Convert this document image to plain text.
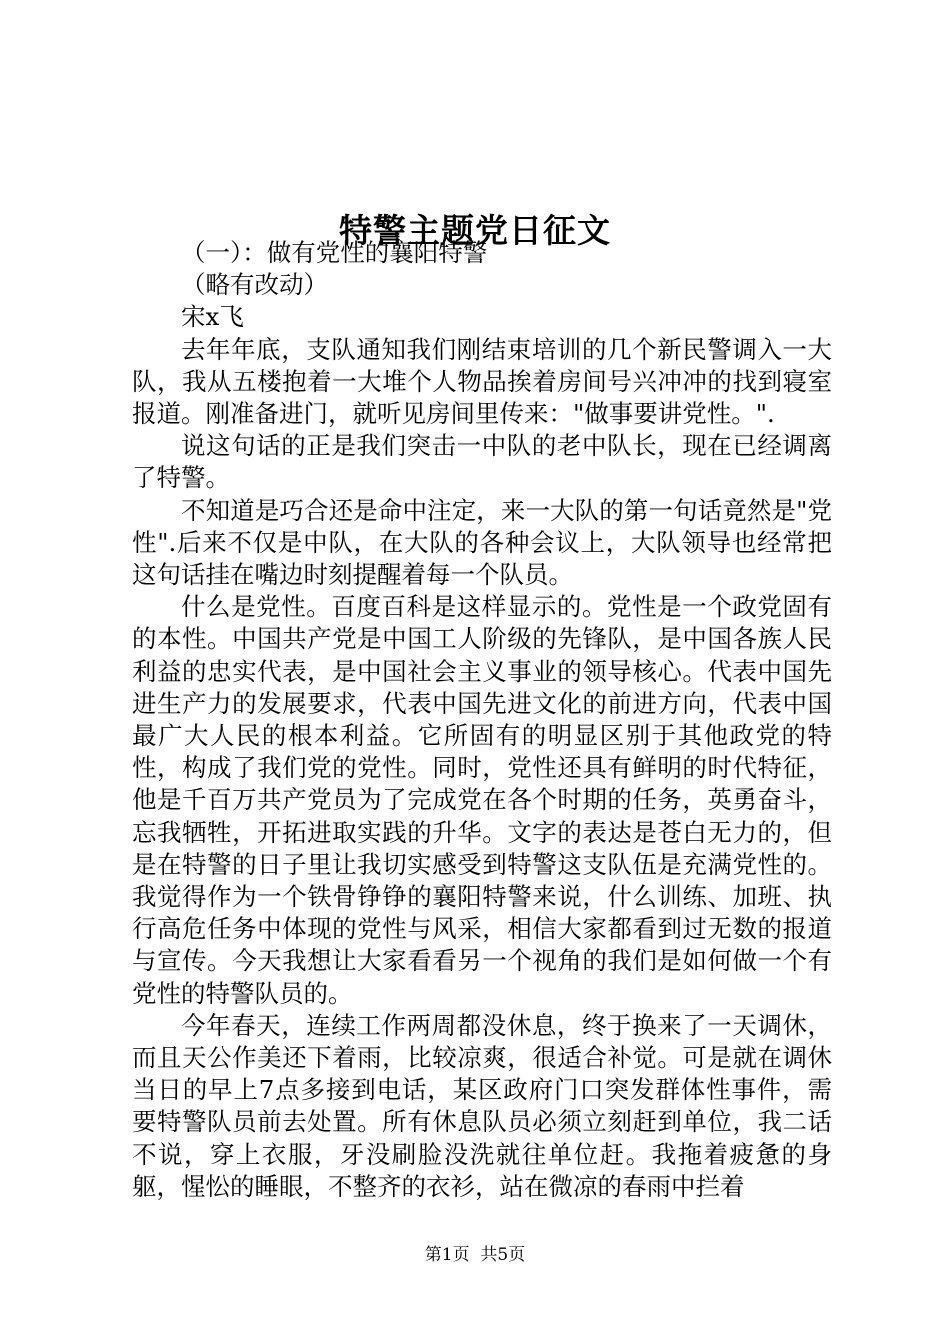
特警主题党日征文

（一）：做有党性的襄阳特警

（略有改动）

宋x飞

去年年底，支队通知我们刚结束培训的几个新民警调入一大队，我从五楼抱着一大堆个人物品挨着房间号兴冲冲的找到寝室报道。刚准备进门，就听见房间里传来："做事要讲党性。".

说这句话的正是我们突击一中队的老中队长，现在已经调离了特警。

不知道是巧合还是命中注定，来一大队的第一句话竟然是"党性".后来不仅是中队，在大队的各种会议上，大队领导也经常把这句话挂在嘴边时刻提醒着每一个队员。

什么是党性。百度百科是这样显示的。党性是一个政党固有的本性。中国共产党是中国工人阶级的先锋队，是中国各族人民利益的忠实代表，是中国社会主义事业的领导核心。代表中国先进生产力的发展要求，代表中国先进文化的前进方向，代表中国最广大人民的根本利益。它所固有的明显区别于其他政党的特性，构成了我们党的党性。同时，党性还具有鲜明的时代特征，他是千百万共产党员为了完成党在各个时期的任务，英勇奋斗，忘我牺牲，开拓进取实践的升华。文字的表达是苍白无力的，但是在特警的日子里让我切实感受到特警这支队伍是充满党性的。我觉得作为一个铁骨铮铮的襄阳特警来说，什么训练、加班、执行高危任务中体现的党性与风采，相信大家都看到过无数的报道与宣传。今天我想让大家看看另一个视角的我们是如何做一个有党性的特警队员的。

今年春天，连续工作两周都没休息，终于换来了一天调休，而且天公作美还下着雨，比较凉爽，很适合补觉。可是就在调休当日的早上7点多接到电话，某区政府门口突发群体性事件，需要特警队员前去处置。所有休息队员必须立刻赶到单位，我二话不说，穿上衣服，牙没刷脸没洗就往单位赶。我拖着疲惫的身躯，惺忪的睡眼，不整齐的衣衫，站在微凉的春雨中拦着

第1页  共5页
